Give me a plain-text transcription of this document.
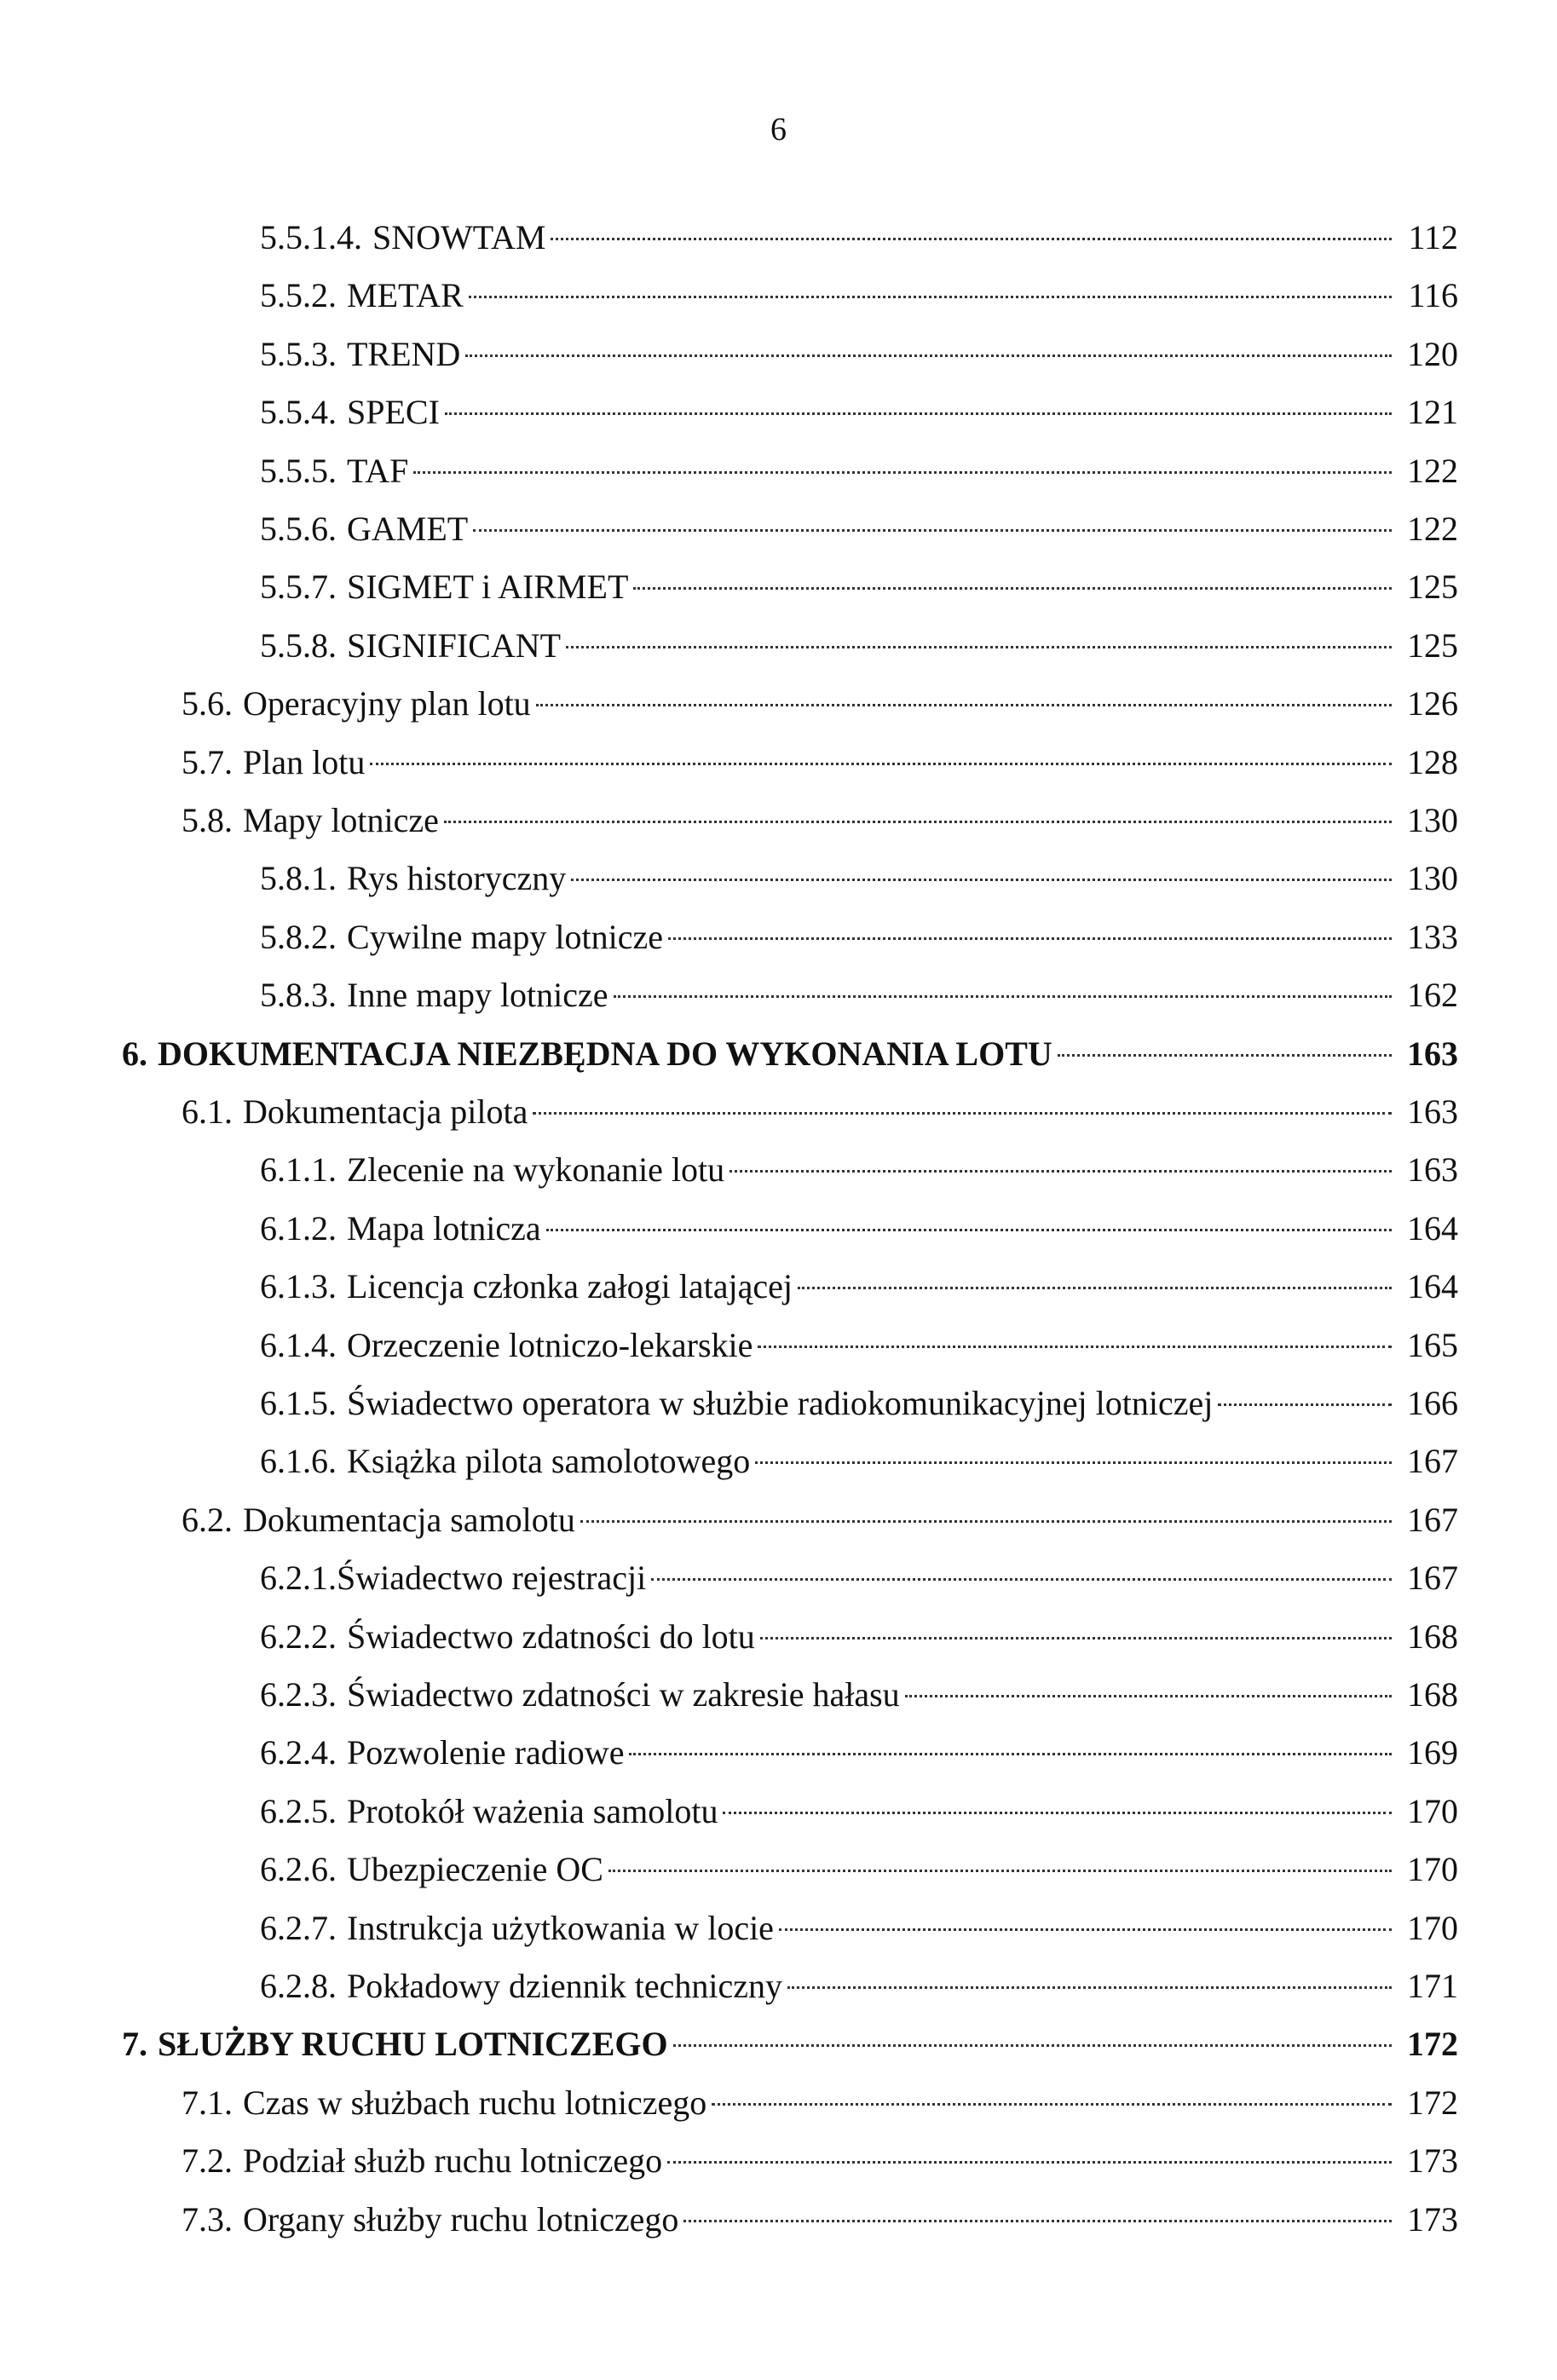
6
5.5.1.4. SNOWTAM	112
5.5.2. METAR	116
5.5.3. TREND	120
5.5.4. SPECI	121
5.5.5. TAF	122
5.5.6. GAMET	122
5.5.7. SIGMET i AIRMET	125
5.5.8. SIGNIFICANT	125
5.6. Operacyjny plan lotu	126
5.7. Plan lotu	128
5.8. Mapy lotnicze	130
5.8.1. Rys historyczny	130
5.8.2. Cywilne mapy lotnicze	133
5.8.3. Inne mapy lotnicze	162
6. DOKUMENTACJA NIEZBĘDNA DO WYKONANIA LOTU	163
6.1. Dokumentacja pilota	163
6.1.1. Zlecenie na wykonanie lotu	163
6.1.2. Mapa lotnicza	164
6.1.3. Licencja członka załogi latającej	164
6.1.4. Orzeczenie lotniczo-lekarskie	165
6.1.5. Świadectwo operatora w służbie radiokomunikacyjnej lotniczej	166
6.1.6. Książka pilota samolotowego	167
6.2. Dokumentacja samolotu	167
6.2.1.Świadectwo rejestracji	167
6.2.2. Świadectwo zdatności do lotu	168
6.2.3. Świadectwo zdatności w zakresie hałasu	168
6.2.4. Pozwolenie radiowe	169
6.2.5. Protokół ważenia samolotu	170
6.2.6. Ubezpieczenie OC	170
6.2.7. Instrukcja użytkowania w locie	170
6.2.8. Pokładowy dziennik techniczny	171
7. SŁUŻBY RUCHU LOTNICZEGO	172
7.1. Czas w służbach ruchu lotniczego	172
7.2. Podział służb ruchu lotniczego	173
7.3. Organy służby ruchu lotniczego	173
